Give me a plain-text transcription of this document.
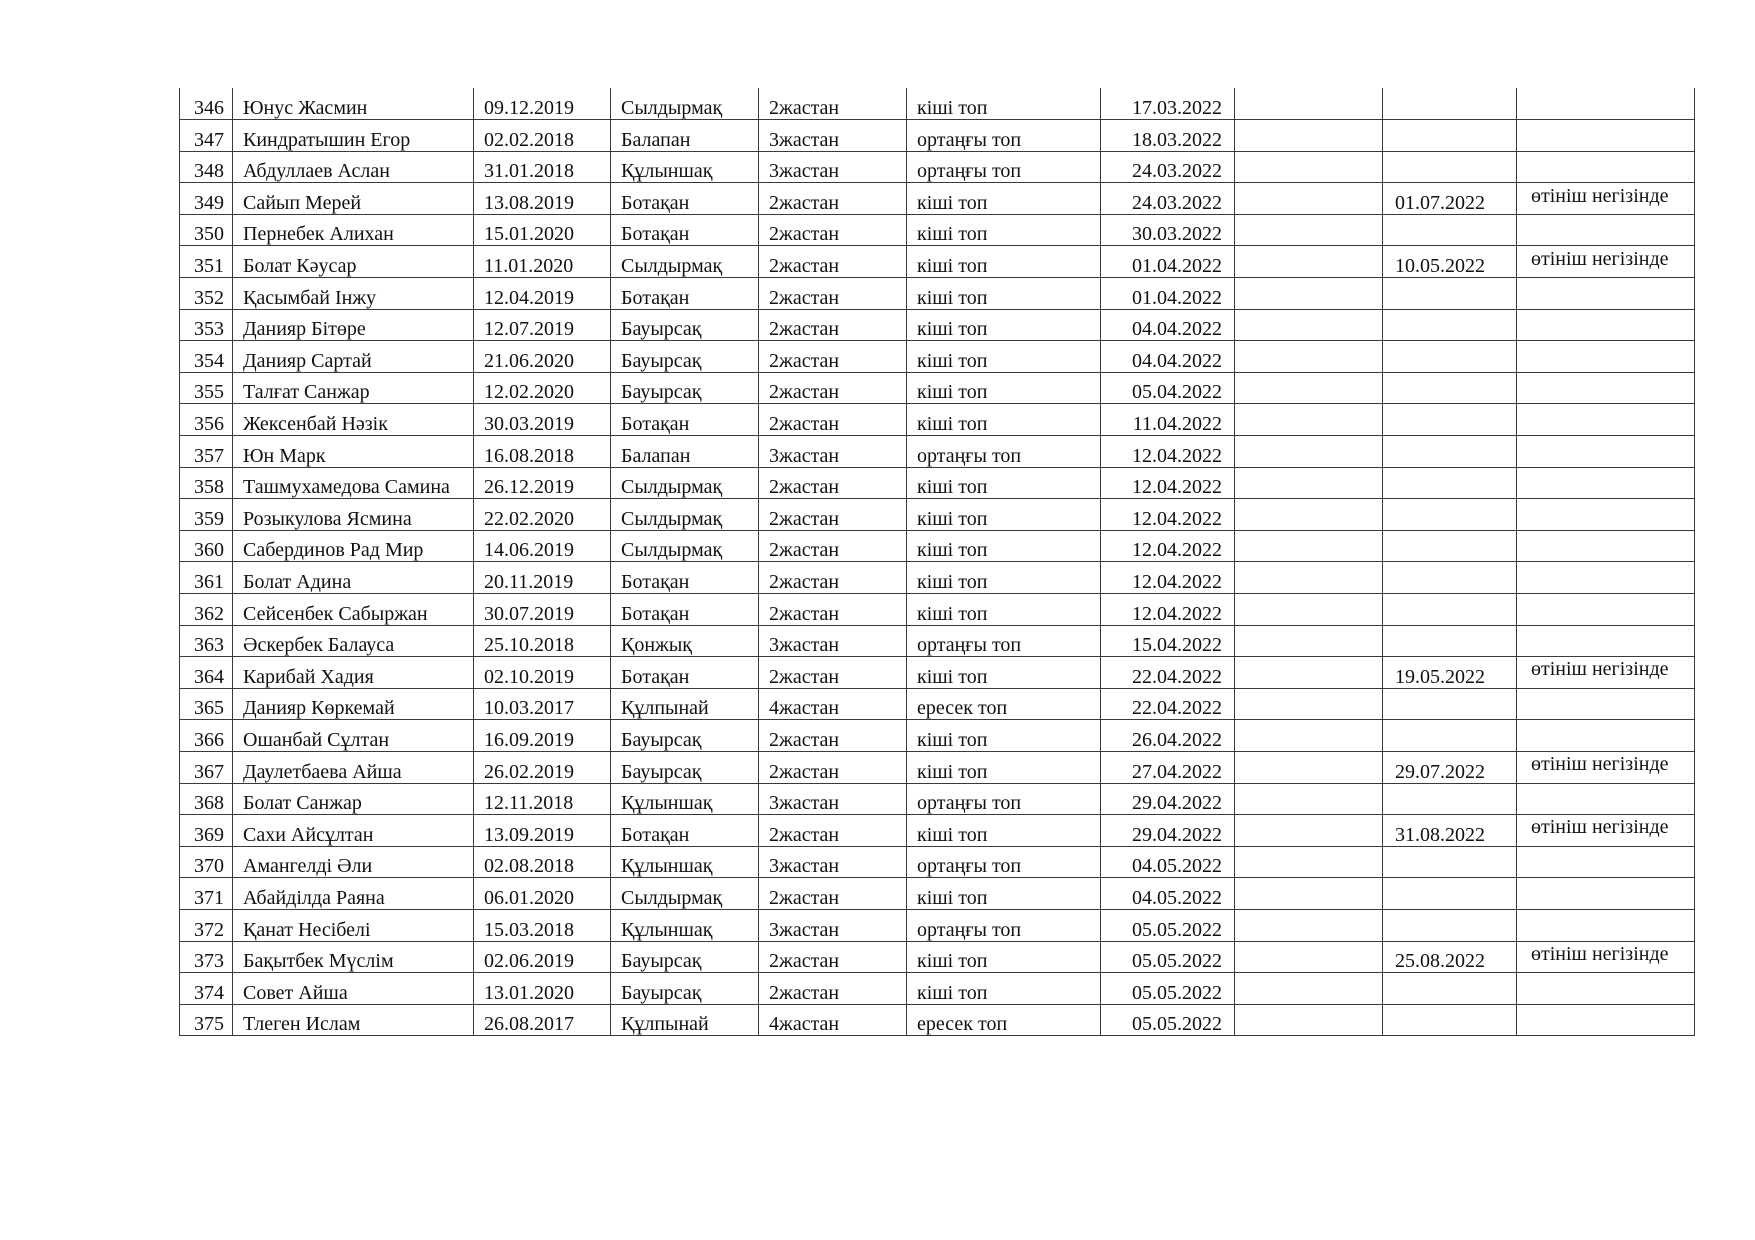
346	Юнус Жасмин	09.12.2019	Сылдырмақ	2жастан	кіші топ	17.03.2022			
347	Киндратышин Егор	02.02.2018	Балапан	3жастан	ортаңғы топ	18.03.2022			
348	Абдуллаев Аслан	31.01.2018	Құлыншақ	3жастан	ортаңғы топ	24.03.2022			
349	Сайып Мерей	13.08.2019	Ботақан	2жастан	кіші топ	24.03.2022		01.07.2022	өтініш негізінде
350	Пернебек Алихан	15.01.2020	Ботақан	2жастан	кіші топ	30.03.2022			
351	Болат Кәусар	11.01.2020	Сылдырмақ	2жастан	кіші топ	01.04.2022		10.05.2022	өтініш негізінде
352	Қасымбай Інжу	12.04.2019	Ботақан	2жастан	кіші топ	01.04.2022			
353	Данияр Бітөре	12.07.2019	Бауырсақ	2жастан	кіші топ	04.04.2022			
354	Данияр Сартай	21.06.2020	Бауырсақ	2жастан	кіші топ	04.04.2022			
355	Талғат Санжар	12.02.2020	Бауырсақ	2жастан	кіші топ	05.04.2022			
356	Жексенбай Нәзік	30.03.2019	Ботақан	2жастан	кіші топ	11.04.2022			
357	Юн Марк	16.08.2018	Балапан	3жастан	ортаңғы топ	12.04.2022			
358	Ташмухамедова Самина	26.12.2019	Сылдырмақ	2жастан	кіші топ	12.04.2022			
359	Розыкулова Ясмина	22.02.2020	Сылдырмақ	2жастан	кіші топ	12.04.2022			
360	Сабердинов Рад Мир	14.06.2019	Сылдырмақ	2жастан	кіші топ	12.04.2022			
361	Болат Адина	20.11.2019	Ботақан	2жастан	кіші топ	12.04.2022			
362	Сейсенбек Сабыржан	30.07.2019	Ботақан	2жастан	кіші топ	12.04.2022			
363	Әскербек Балауса	25.10.2018	Қонжық	3жастан	ортаңғы топ	15.04.2022			
364	Карибай Хадия	02.10.2019	Ботақан	2жастан	кіші топ	22.04.2022		19.05.2022	өтініш негізінде
365	Данияр Көркемай	10.03.2017	Құлпынай	4жастан	ересек топ	22.04.2022			
366	Ошанбай Сұлтан	16.09.2019	Бауырсақ	2жастан	кіші топ	26.04.2022			
367	Даулетбаева Айша	26.02.2019	Бауырсақ	2жастан	кіші топ	27.04.2022		29.07.2022	өтініш негізінде
368	Болат Санжар	12.11.2018	Құлыншақ	3жастан	ортаңғы топ	29.04.2022			
369	Сахи Айсұлтан	13.09.2019	Ботақан	2жастан	кіші топ	29.04.2022		31.08.2022	өтініш негізінде
370	Амангелді Әли	02.08.2018	Құлыншақ	3жастан	ортаңғы топ	04.05.2022			
371	Абайділда Раяна	06.01.2020	Сылдырмақ	2жастан	кіші топ	04.05.2022			
372	Қанат Несібелі	15.03.2018	Құлыншақ	3жастан	ортаңғы топ	05.05.2022			
373	Бақытбек Мүслім	02.06.2019	Бауырсақ	2жастан	кіші топ	05.05.2022		25.08.2022	өтініш негізінде
374	Совет Айша	13.01.2020	Бауырсақ	2жастан	кіші топ	05.05.2022			
375	Тлеген Ислам	26.08.2017	Құлпынай	4жастан	ересек топ	05.05.2022			
